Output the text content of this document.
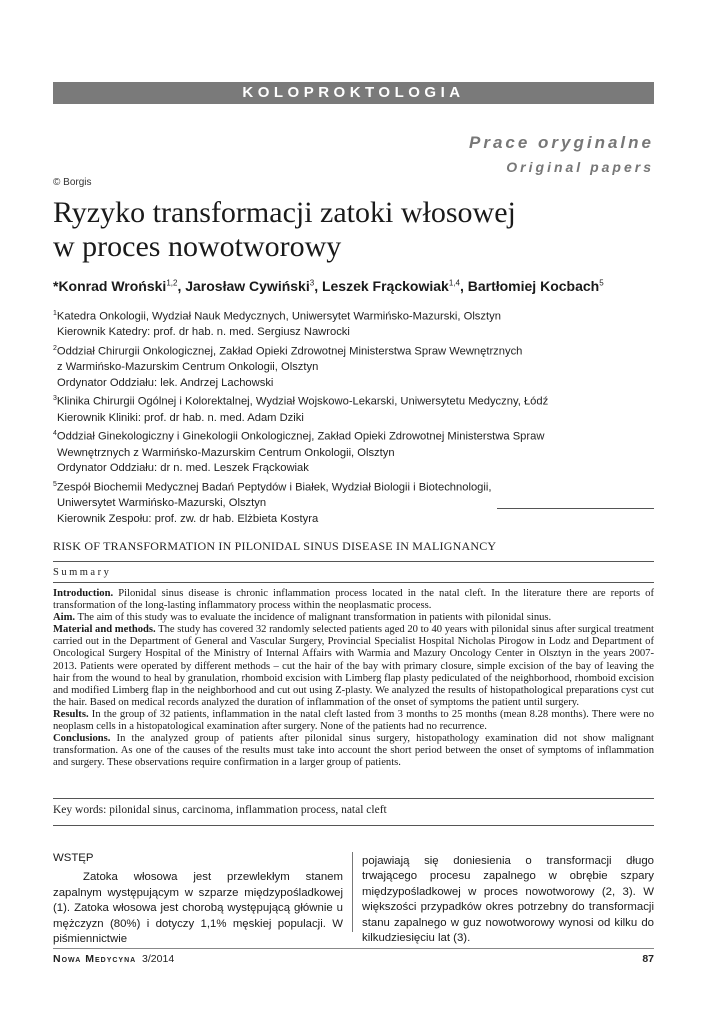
KOLOPROKTOLOGIA
Prace oryginalne
Original papers
© Borgis
Ryzyko transformacji zatoki włosowej
w proces nowotworowy
*Konrad Wroński$^{1,2}$, Jarosław Cywiński$^3$, Leszek Frąckowiak$^{1,4}$, Bartłomiej Kocbach$^5$
$^1$Katedra Onkologii, Wydział Nauk Medycznych, Uniwersytet Warmińsko-Mazurski, Olsztyn
Kierownik Katedry: prof. dr hab. n. med. Sergiusz Nawrocki
$^2$Oddział Chirurgii Onkologicznej, Zakład Opieki Zdrowotnej Ministerstwa Spraw Wewnętrznych
z Warmińsko-Mazurskim Centrum Onkologii, Olsztyn
Ordynator Oddziału: lek. Andrzej Lachowski
$^3$Klinika Chirurgii Ogólnej i Kolorektalnej, Wydział Wojskowo-Lekarski, Uniwersytetu Medyczny, Łódź
Kierownik Kliniki: prof. dr hab. n. med. Adam Dziki
$^4$Oddział Ginekologiczny i Ginekologii Onkologicznej, Zakład Opieki Zdrowotnej Ministerstwa Spraw
Wewnętrznych z Warmińsko-Mazurskim Centrum Onkologii, Olsztyn
Ordynator Oddziału: dr n. med. Leszek Frąckowiak
$^5$Zespół Biochemii Medycznej Badań Peptydów i Białek, Wydział Biologii i Biotechnologii,
Uniwersytet Warmińsko-Mazurski, Olsztyn
Kierownik Zespołu: prof. zw. dr hab. Elżbieta Kostyra
RISK OF TRANSFORMATION IN PILONIDAL SINUS DISEASE IN MALIGNANCY
Summary
Introduction. Pilonidal sinus disease is chronic inflammation process located in the natal cleft. In the literature there are reports of transformation of the long-lasting inflammatory process within the neoplasmatic process.
Aim. The aim of this study was to evaluate the incidence of malignant transformation in patients with pilonidal sinus.
Material and methods. The study has covered 32 randomly selected patients aged 20 to 40 years with pilonidal sinus after surgical treatment carried out in the Department of General and Vascular Surgery, Provincial Specialist Hospital Nicholas Pirogow in Lodz and Department of Oncological Surgery Hospital of the Ministry of Internal Affairs with Warmia and Mazury Oncology Center in Olsztyn in the years 2007-2013. Patients were operated by different methods – cut the hair of the bay with primary closure, simple excision of the bay of leaving the hair from the wound to heal by granulation, rhomboid excision with Limberg flap plasty pediculated of the neighborhood, rhomboid excision and modified Limberg flap in the neighborhood and cut out using Z-plasty. We analyzed the results of histopathological preparations cyst cut the hair. Based on medical records analyzed the duration of inflammation of the onset of symptoms the patient until surgery.
Results. In the group of 32 patients, inflammation in the natal cleft lasted from 3 months to 25 months (mean 8.28 months). There were no neoplasm cells in a histopatological examination after surgery. None of the patients had no recurrence.
Conclusions. In the analyzed group of patients after pilonidal sinus surgery, histopathology examination did not show malignant transformation. As one of the causes of the results must take into account the short period between the onset of symptoms of inflammation and surgery. These observations require confirmation in a larger group of patients.
Key words: pilonidal sinus, carcinoma, inflammation process, natal cleft
WSTĘP
Zatoka włosowa jest przewlekłym stanem zapalnym występującym w szparze międzypośladkowej (1). Zatoka włosowa jest chorobą występującą głównie u mężczyzn (80%) i dotyczy 1,1% męskiej populacji. W piśmiennictwie
pojawiają się doniesienia o transformacji długo trwającego procesu zapalnego w obrębie szpary międzypośladkowej w proces nowotworowy (2, 3). W większości przypadków okres potrzebny do transformacji stanu zapalnego w guz nowotworowy wynosi od kilku do kilkudziesięciu lat (3).
Nowa Medycyna 3/2014	87
